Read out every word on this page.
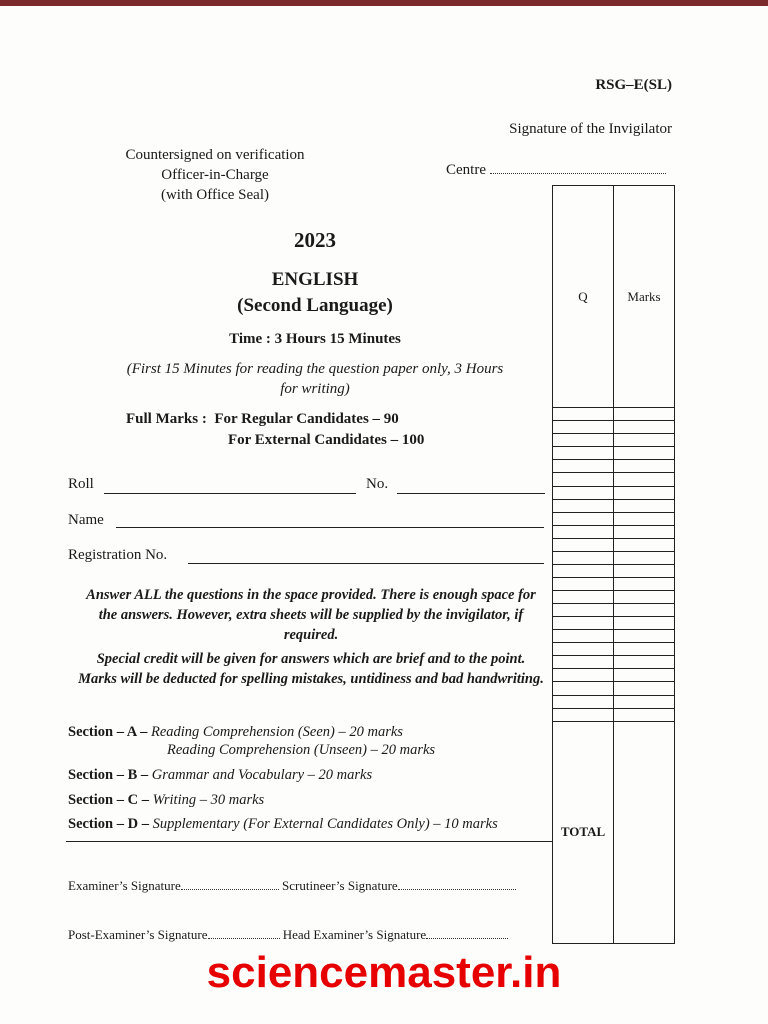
RSG–E(SL)
Signature of the Invigilator
Centre
Countersigned on verification
Officer-in-Charge
(with Office Seal)
2023
ENGLISH
(Second Language)
Time : 3 Hours 15 Minutes
(First 15 Minutes for reading the question paper only, 3 Hours for writing)
Full Marks : For Regular Candidates – 90
For External Candidates – 100
Roll	No.
Name
Registration No.
Answer ALL the questions in the space provided. There is enough space for the answers. However, extra sheets will be supplied by the invigilator, if required.
Special credit will be given for answers which are brief and to the point. Marks will be deducted for spelling mistakes, untidiness and bad handwriting.
Section – A – Reading Comprehension (Seen) – 20 marks
Reading Comprehension (Unseen) – 20 marks
Section – B – Grammar and Vocabulary – 20 marks
Section – C – Writing – 30 marks
Section – D – Supplementary (For External Candidates Only) – 10 marks
Examiner’s Signature	Scrutineer’s Signature
Post-Examiner’s Signature	Head Examiner’s Signature
Q	Marks

TOTAL	
sciencemaster.in
